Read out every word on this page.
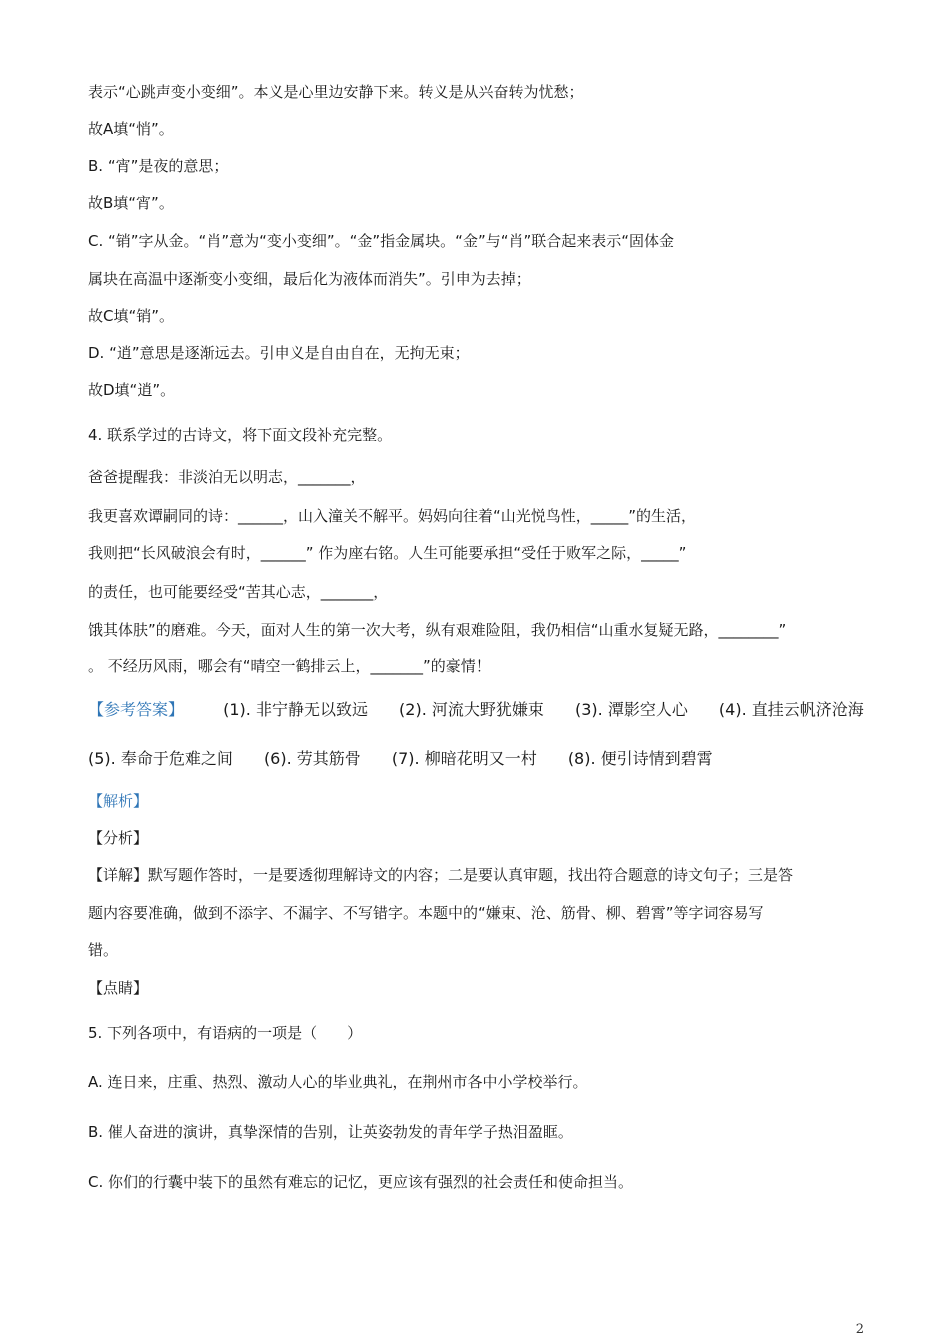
表示“心跳声变小变细”。本义是心里边安静下来。转义是从兴奋转为忧愁；
故A填“悄”。
B. “宵”是夜的意思；
故B填“宵”。
C. “销”字从金。“肖”意为“变小变细”。“金”指金属块。“金”与“肖”联合起来表示“固体金
属块在高温中逐渐变小变细，最后化为液体而消失”。引申为去掉；
故C填“销”。
D. “逍”意思是逐渐远去。引申义是自由自在，无拘无束；
故D填“逍”。
4. 联系学过的古诗文，将下面文段补充完整。
爸爸提醒我：非淡泊无以明志，_______，
我更喜欢谭嗣同的诗：______，山入潼关不解平。妈妈向往着“山光悦鸟性，_____”的生活，
我则把“长风破浪会有时，______” 作为座右铭。人生可能要承担“受任于败军之际，_____”
的责任，也可能要经受“苦其心志，_______，
饿其体肤”的磨难。今天，面对人生的第一次大考，纵有艰难险阻，我仍相信“山重水复疑无路，________”
。 不经历风雨，哪会有“晴空一鹤排云上，_______”的豪情！
【参考答案】 (1). 非宁静无以致远 (2). 河流大野犹嫌束 (3). 潭影空人心 (4). 直挂云帆济沧海
(5). 奉命于危难之间 (6). 劳其筋骨 (7). 柳暗花明又一村 (8). 便引诗情到碧霄
【解析】
【分析】
【详解】默写题作答时，一是要透彻理解诗文的内容；二是要认真审题，找出符合题意的诗文句子；三是答
题内容要准确，做到不添字、不漏字、不写错字。本题中的“嫌束、沧、筋骨、柳、碧霄”等字词容易写
错。
【点睛】
5. 下列各项中，有语病的一项是（　　）
A. 连日来，庄重、热烈、激动人心的毕业典礼，在荆州市各中小学校举行。
B. 催人奋进的演讲，真挚深情的告别，让英姿勃发的青年学子热泪盈眶。
C. 你们的行囊中装下的虽然有难忘的记忆，更应该有强烈的社会责任和使命担当。
2
